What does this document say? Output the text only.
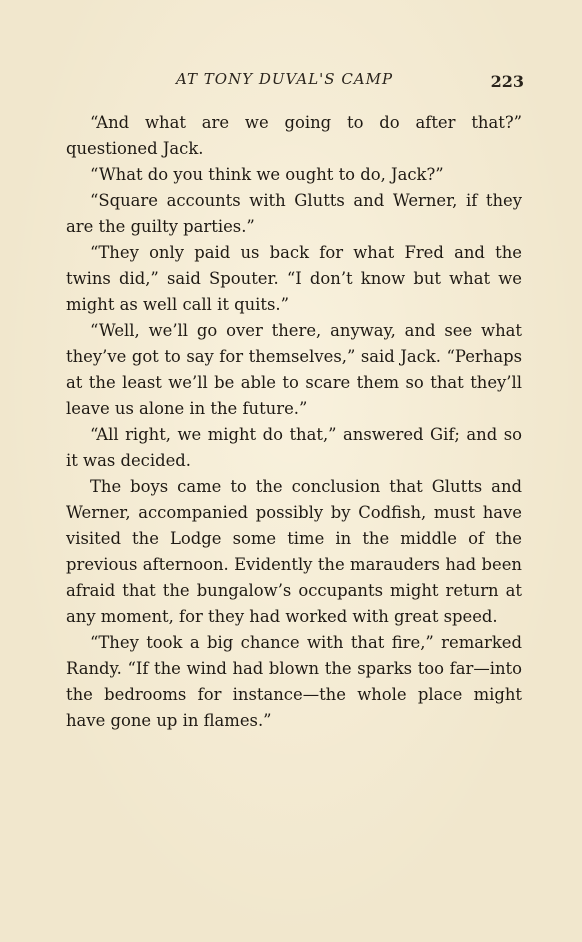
AT TONY DUVAL'S CAMP	223

“And what are we going to do after that?” questioned Jack.

“What do you think we ought to do, Jack?”

“Square accounts with Glutts and Werner, if they are the guilty parties.”

“They only paid us back for what Fred and the twins did,” said Spouter. “I don’t know but what we might as well call it quits.”

“Well, we’ll go over there, anyway, and see what they’ve got to say for themselves,” said Jack. “Perhaps at the least we’ll be able to scare them so that they’ll leave us alone in the future.”

“All right, we might do that,” answered Gif; and so it was decided.

The boys came to the conclusion that Glutts and Werner, accompanied possibly by Codfish, must have visited the Lodge some time in the middle of the previous afternoon. Evidently the marauders had been afraid that the bungalow’s occupants might return at any moment, for they had worked with great speed.

“They took a big chance with that fire,” remarked Randy. “If the wind had blown the sparks too far—into the bedrooms for instance—the whole place might have gone up in flames.”
